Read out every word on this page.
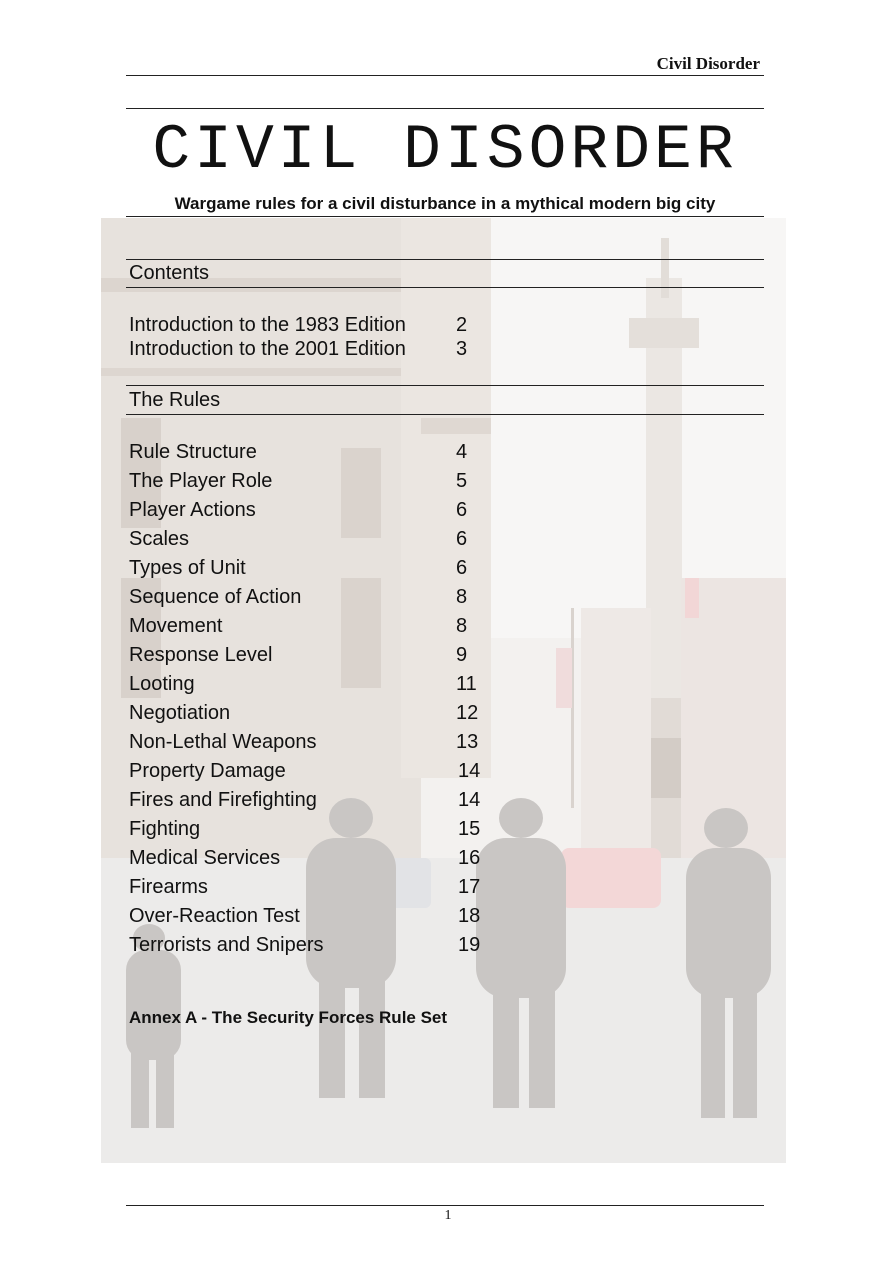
Civil Disorder
CIVIL DISORDER
Wargame rules for a civil disturbance in a mythical modern big city
Contents
Introduction to the 1983 Edition	2
Introduction to the 2001 Edition	3
The Rules
Rule Structure	4
The Player Role	5
Player Actions	6
Scales	6
Types of Unit	6
Sequence of Action	8
Movement	8
Response Level	9
Looting	11
Negotiation	12
Non-Lethal Weapons	13
Property Damage	14
Fires and Firefighting	14
Fighting	15
Medical Services	16
Firearms	17
Over-Reaction Test	18
Terrorists and Snipers	19
Annex A - The Security Forces Rule Set
1
